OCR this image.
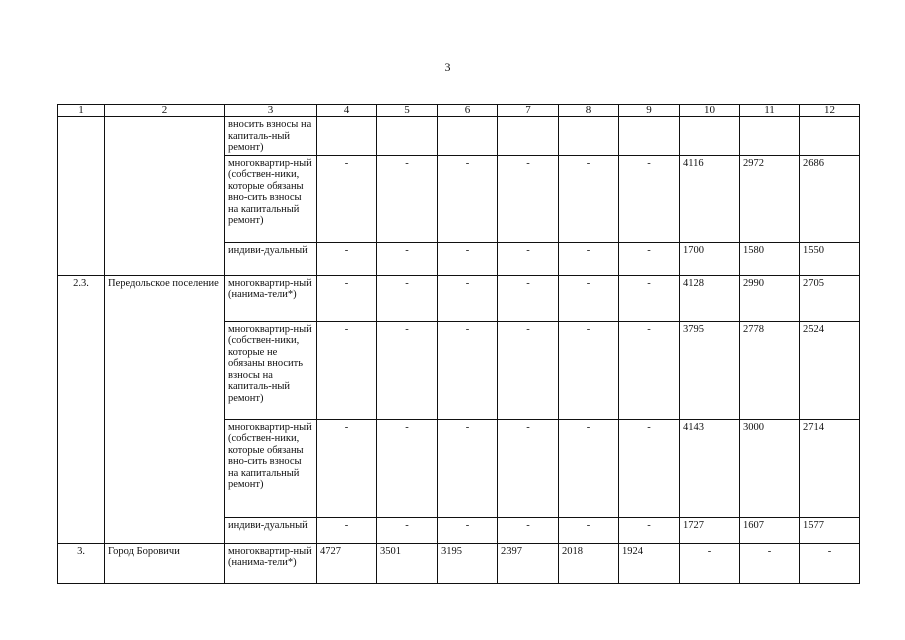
3
1	2	3	4	5	6	7	8	9	10	11	12
		вносить взносы на капиталь-ный ремонт)									
		многоквартир-ный (собствен-ники, которые обязаны вно-сить взносы на капитальный ремонт)	-	-	-	-	-	-	4116	2972	2686
		индиви-дуальный	-	-	-	-	-	-	1700	1580	1550
2.3.	Передольское поселение	многоквартир-ный (нанима-тели*)	-	-	-	-	-	-	4128	2990	2705
		многоквартир-ный (собствен-ники, которые не обязаны вносить взносы на капиталь-ный ремонт)	-	-	-	-	-	-	3795	2778	2524
		многоквартир-ный (собствен-ники, которые обязаны вно-сить взносы на капитальный ремонт)	-	-	-	-	-	-	4143	3000	2714
		индиви-дуальный	-	-	-	-	-	-	1727	1607	1577
3.	Город Боровичи	многоквартир-ный (нанима-тели*)	4727	3501	3195	2397	2018	1924	-	-	-
